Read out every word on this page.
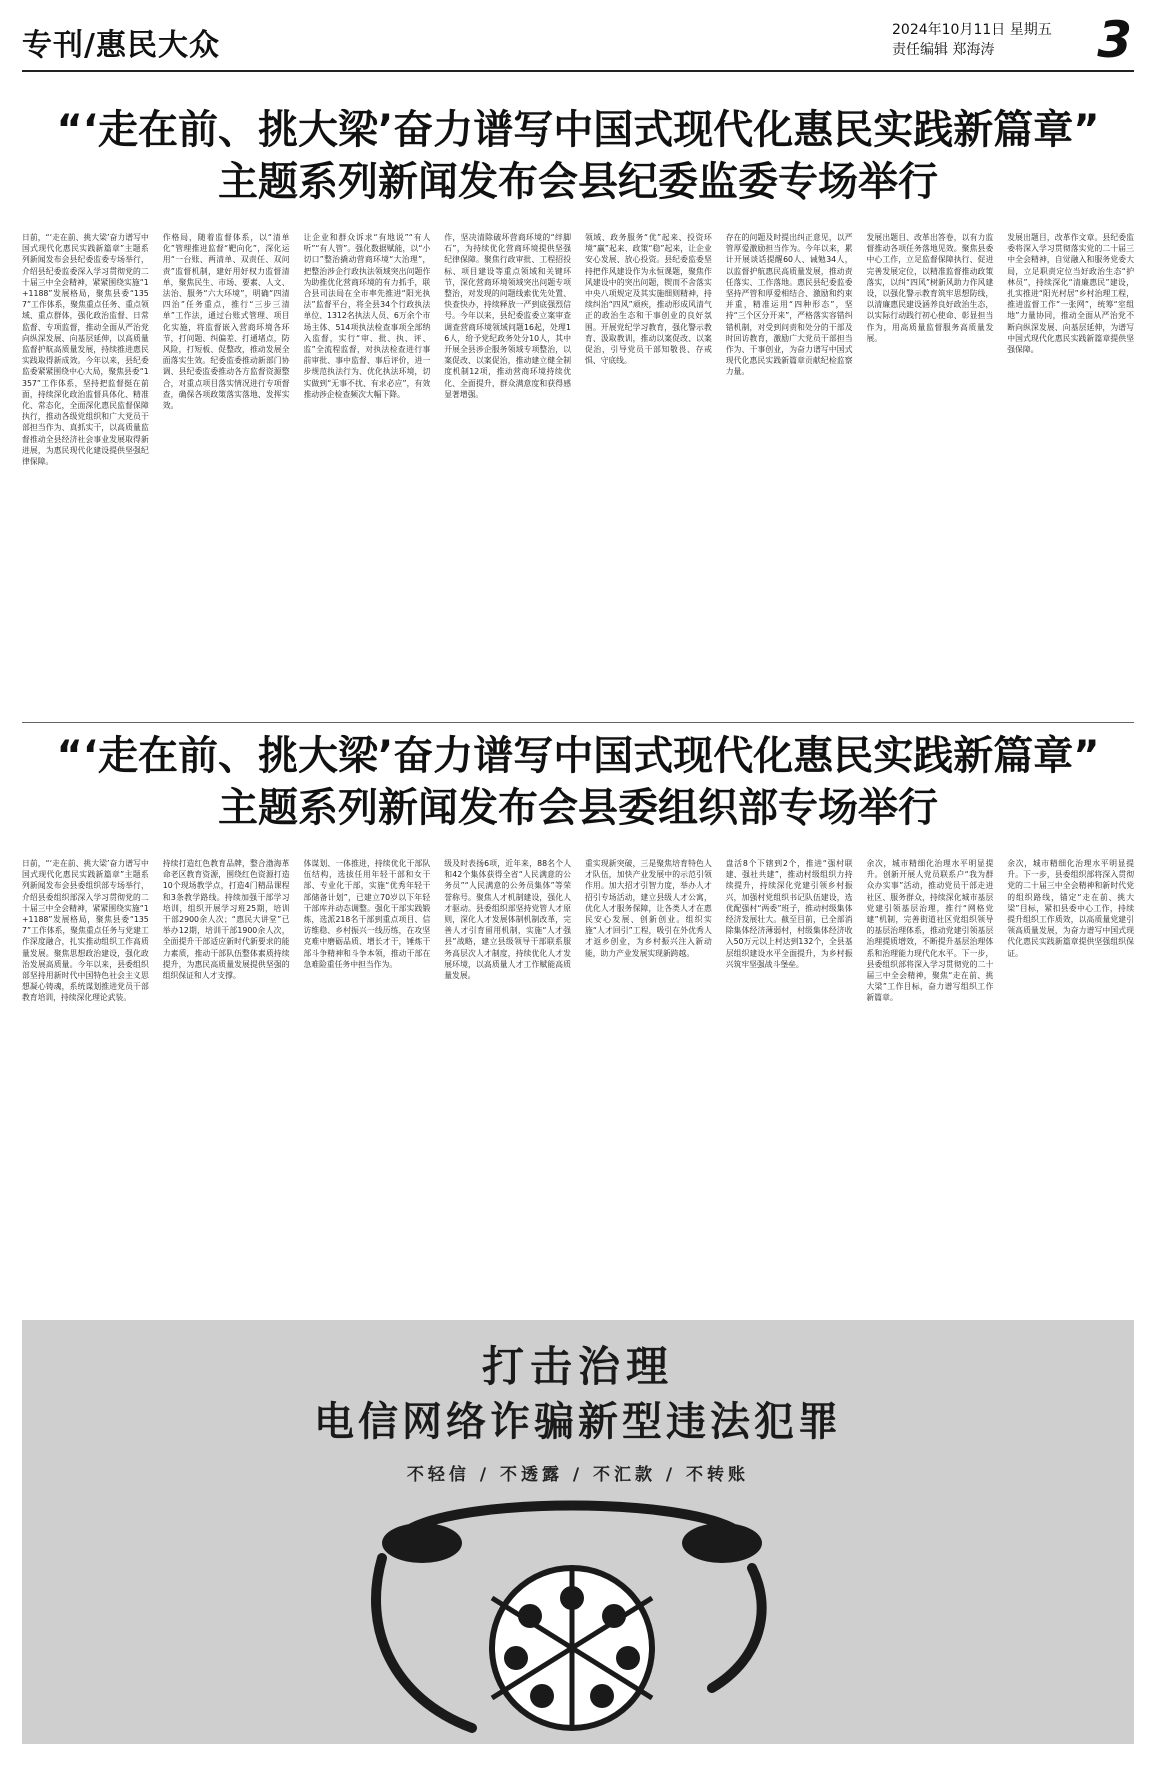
专刊/惠民大众	2024年10月11日 星期五
责任编辑 郑海涛	3
“‘走在前、挑大梁’奋力谱写中国式现代化惠民实践新篇章”
主题系列新闻发布会县纪委监委专场举行
日前，“‘走在前、挑大梁’奋力谱写中国式现代化惠民实践新篇章”主题系列新闻发布会县纪委监委专场举行，介绍县纪委监委深入学习贯彻党的二十届三中全会精神，紧紧围绕实施“1+1188”发展格局，聚焦县委“1357”工作体系，聚焦重点任务、重点领域、重点群体，强化政治监督、日常监督、专项监督，推动全面从严治党向纵深发展、向基层延伸，以高质量监督护航高质量发展，持续推进惠民实践取得新成效。今年以来，县纪委监委紧紧围绕中心大局，聚焦县委“1357”工作体系，坚持把监督挺在前面，持续深化政治监督具体化、精准化、常态化，全面深化惠民监督保障执行，推动各级党组织和广大党员干部担当作为、真抓实干，以高质量监督推动全县经济社会事业发展取得新进展，为惠民现代化建设提供坚强纪律保障。
作格局，随着监督体系，以“清单化”管理推进监督“靶向化”，深化运用“一台账、两清单、双责任、双问责”监督机制，建好用好权力监督清单，聚焦民生、市场、要素、人文、法治、服务“六大环境”，明确“四清四治”任务重点，推行“三步三清单”工作法，通过台账式管理、项目化实施，将监督嵌入营商环境各环节，打问题、纠偏差、打通堵点，防风险，打短板、促整改，推动发展全面落实生效。纪委监委推动新部门协调、县纪委监委推动各方监督资源整合，对重点项目落实情况进行专项督查，确保各项政策落实落地、发挥实效。
让企业和群众诉求“有地说”“有人听”“有人管”。强化数据赋能，以“小切口”整治撬动营商环境“大治理”，把整治涉企行政执法领域突出问题作为助推优化营商环境的有力抓手，联合县司法局在全市率先推进“阳光执法”监督平台，将全县34个行政执法单位、1312名执法人员、6万余个市场主体、514项执法检查事项全部纳入监督，实行“审、批、执、评、监”全流程监督，对执法检查进行事前审批、事中监督、事后评价，进一步规范执法行为、优化执法环境，切实做到“无事不扰、有求必应”，有效推动涉企检查频次大幅下降。
作，坚决清除破坏营商环境的“绊脚石”，为持续优化营商环境提供坚强纪律保障。聚焦行政审批、工程招投标、项目建设等重点领域和关键环节，深化营商环境领域突出问题专项整治，对发现的问题线索优先处置、快查快办，持续释放一严到底强烈信号。今年以来，县纪委监委立案审查调查营商环境领域问题16起，处理16人，给予党纪政务处分10人，其中开展全县涉企服务领域专项整治，以案促改、以案促治，推动建立健全制度机制12项，推动营商环境持续优化、全面提升，群众满意度和获得感显著增强。
领域、政务服务“优”起来、投资环境“赢”起来、政策“稳”起来，让企业安心发展、放心投资。县纪委监委坚持把作风建设作为永恒课题，聚焦作风建设中的突出问题，锲而不舍落实中央八项规定及其实施细则精神，持续纠治“四风”顽疾，推动形成风清气正的政治生态和干事创业的良好氛围。开展党纪学习教育，强化警示教育、汲取教训，推动以案促改、以案促治，引导党员干部知敬畏、存戒惧、守底线。
存在的问题及时提出纠正意见，以严管厚爱激励担当作为。今年以来，累计开展谈话提醒60人、诫勉34人，以监督护航惠民高质量发展，推动责任落实、工作落地。惠民县纪委监委坚持严管和厚爱相结合、激励和约束并重，精准运用“四种形态”，坚持“三个区分开来”，严格落实容错纠错机制，对受到问责和处分的干部及时回访教育，激励广大党员干部担当作为、干事创业，为奋力谱写中国式现代化惠民实践新篇章贡献纪检监察力量。
发展出题目、改革出答卷，以有力监督推动各项任务落地见效。聚焦县委中心工作，立足监督保障执行、促进完善发展定位，以精准监督推动政策落实，以纠“四风”树新风助力作风建设，以强化警示教育筑牢思想防线，以清廉惠民建设涵养良好政治生态，以实际行动践行初心使命、彰显担当作为，用高质量监督服务高质量发展。
发展出题目，改革作文章。县纪委监委将深入学习贯彻落实党的二十届三中全会精神，自觉融入和服务党委大局，立足职责定位当好政治生态“护林员”，持续深化“清廉惠民”建设，扎实推进“阳光村居”乡村治理工程，推进监督工作“一张网”，统筹“室组地”力量协同，推动全面从严治党不断向纵深发展、向基层延伸，为谱写中国式现代化惠民实践新篇章提供坚强保障。
“‘走在前、挑大梁’奋力谱写中国式现代化惠民实践新篇章”
主题系列新闻发布会县委组织部专场举行
日前，“‘走在前、挑大梁’奋力谱写中国式现代化惠民实践新篇章”主题系列新闻发布会县委组织部专场举行，介绍县委组织部深入学习贯彻党的二十届三中全会精神，紧紧围绕实施“1+1188”发展格局，聚焦县委“1357”工作体系，聚焦重点任务与党建工作深度融合，扎实推动组织工作高质量发展。聚焦思想政治建设，强化政治发展高质量。今年以来，县委组织部坚持用新时代中国特色社会主义思想凝心铸魂，系统谋划推进党员干部教育培训，持续深化理论武装。
持续打造红色教育品牌，整合渤海革命老区教育资源，围绕红色资源打造10个现场教学点，打造4门精品课程和3条教学路线。持续加强干部学习培训，组织开展学习班25期，培训干部2900余人次；“惠民大讲堂”已举办12期，培训干部1900余人次，全面提升干部适应新时代新要求的能力素质，推动干部队伍整体素质持续提升，为惠民高质量发展提供坚强的组织保证和人才支撑。
体谋划、一体推进，持续优化干部队伍结构，选拔任用年轻干部和女干部、专业化干部，实施“优秀年轻干部储备计划”，已建立70岁以下年轻干部库并动态调整。强化干部实践锻炼，选派218名干部到重点项目、信访维稳、乡村振兴一线历练，在攻坚克难中磨砺品质、增长才干，锤炼干部斗争精神和斗争本领，推动干部在急难险重任务中担当作为。
级及时表扬6项，近年来，88名个人和42个集体获得全省“人民满意的公务员”“人民满意的公务员集体”等荣誉称号。聚焦人才机制建设，强化人才驱动。县委组织部坚持党管人才原则，深化人才发展体制机制改革，完善人才引育留用机制，实施“人才强县”战略，建立县级领导干部联系服务高层次人才制度，持续优化人才发展环境，以高质量人才工作赋能高质量发展。
重实现新突破，三是聚焦培育特色人才队伍，加快产业发展中的示范引领作用。加大招才引智力度，举办人才招引专场活动，建立县级人才公寓，优化人才服务保障，让各类人才在惠民安心发展、创新创业。组织实施“人才回引”工程，吸引在外优秀人才返乡创业，为乡村振兴注入新动能，助力产业发展实现新跨越。
盘活8个下辖到2个，推进“强村联建、强社共建”，推动村级组织力持续提升，持续深化党建引领乡村振兴，加强村党组织书记队伍建设，选优配强村“两委”班子，推动村级集体经济发展壮大。截至目前，已全部消除集体经济薄弱村，村级集体经济收入50万元以上村达到132个，全县基层组织建设水平全面提升，为乡村振兴筑牢坚强战斗堡垒。
余次，城市精细化治理水平明显提升。创新开展人党员联系户“我为群众办实事”活动，推动党员干部走进社区、服务群众，持续深化城市基层党建引领基层治理，推行“网格党建”机制，完善街道社区党组织领导的基层治理体系，推动党建引领基层治理提质增效，不断提升基层治理体系和治理能力现代化水平。下一步，县委组织部将深入学习贯彻党的二十届三中全会精神，聚焦“走在前、挑大梁”工作目标，奋力谱写组织工作新篇章。
余次，城市精细化治理水平明显提升。下一步，县委组织部将深入贯彻党的二十届三中全会精神和新时代党的组织路线，锚定“走在前、挑大梁”目标，紧扣县委中心工作，持续提升组织工作质效，以高质量党建引领高质量发展，为奋力谱写中国式现代化惠民实践新篇章提供坚强组织保证。
打击治理
电信网络诈骗新型违法犯罪
不轻信 / 不透露 / 不汇款 / 不转账
